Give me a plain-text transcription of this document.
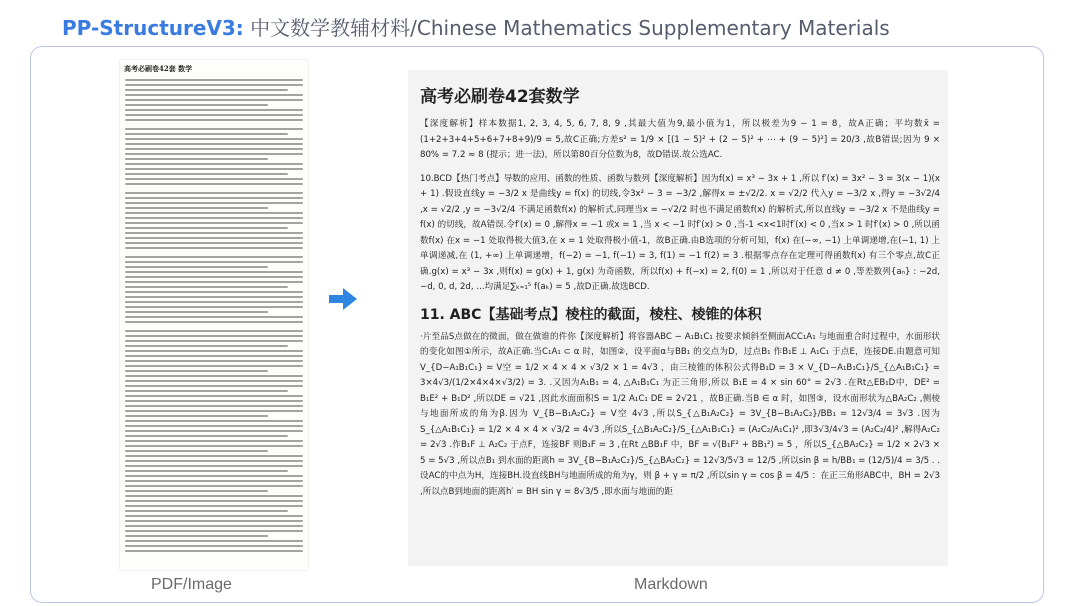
PP-StructureV3: 中文数学教辅材料/Chinese Mathematics Supplementary Materials
高考必刷卷42套 数学
高考必刷卷42套数学

【深度解析】样本数据1, 2, 3, 4, 5, 6, 7, 8, 9 ,其最大值为9,最小值为1，所以极差为9 − 1 = 8，故A正确；平均数x̄ = (1+2+3+4+5+6+7+8+9)/9 = 5,故C正确;方差s² = 1/9 × [(1 − 5)² + (2 − 5)² + ⋯ + (9 − 5)²] = 20/3 ,故B错误;因为 9 × 80% = 7.2 ≈ 8 (提示；进一法)，所以第80百分位数为8，故D错误.故公选AC.

10.BCD【热门考点】导数的应用、函数的性质、函数与数列【深度解析】因为f(x) = x³ − 3x + 1 ,所以 f′(x) = 3x² − 3 = 3(x − 1)(x + 1) .假设直线y = −3/2 x 是曲线y = f(x) 的切线,令3x² − 3 = −3/2 ,解得x = ±√2/2. x = √2/2 代入y = −3/2 x ,得y = −3√2/4 ,x = √2/2 ,y = −3√2/4 不满足函数f(x) 的解析式,同理当x = −√2/2 时也不满足函数f(x) 的解析式,所以直线y = −3/2 x 不是曲线y = f(x) 的切线，故A错误.令f′(x) = 0 ,解得x = −1 或x = 1 ,当 x < −1 时f′(x) > 0 ,当-1 <x<1时f′(x) < 0 ,当x > 1 时f′(x) > 0 ,所以函数f(x) 在x = −1 处取得极大值3,在 x = 1 处取得极小值-1，故B正确.由B选项的分析可知，f(x) 在(−∞, −1) 上单调递增,在(−1, 1) 上单调递减,在 (1, +∞) 上单调递增，f(−2) = −1, f(−1) = 3, f(1) = −1 f(2) = 3 .根据零点存在定理可得函数f(x) 有三个零点,故C正确.g(x) = x³ − 3x ,则f(x) = g(x) + 1, g(x) 为奇函数，所以f(x) + f(−x) = 2, f(0) = 1 ,所以对于任意 d ≠ 0 ,等差数列{aₙ} : −2d, −d, 0, d, 2d, ...均满足∑ₖ₌₁⁵ f(aₖ) = 5 ,故D正确.故选BCD.

11. ABC【基础考点】棱柱的截面，棱柱、棱锥的体积

·片至品S点做在的微面，做在做谁的件你【深度解析】将容器ABC − A₁B₁C₁ 按要求倾斜至侧面ACC₁A₁ 与地面重合时过程中，水面形状的变化如图①所示，故A正确.当C₁A₁ ⊂ α 时，如图②，设平面α与BB₁ 的交点为D，过点B₁ 作B₁E ⊥ A₁C₁ 于点E，连接DE.由题意可知V_{D−A₁B₁C₁} = V空 = 1/2 × 4 × 4 × √3/2 × 1 = 4√3 ，由三棱锥的体积公式得B₁D = 3 × V_{D−A₁B₁C₁}/S_{△A₁B₁C₁} = 3×4√3/(1/2×4×4×√3/2) = 3. .又因为A₁B₁ = 4, △A₁B₁C₁ 为正三角形,所以 B₁E = 4 × sin 60° = 2√3 .在Rt△EB₁D中，DE² = B₁E² + B₁D² ,所以DE = √21 ,因此水面面积S = 1/2 A₁C₁ DE = 2√21 ，故B正确.当B ∈ α 时，如图③，设水面形状为△BA₂C₂ ,侧棱与地面所成的角为β.因为 V_{B−B₁A₂C₂} = V空 4√3 ,所以S_{△B₁A₂C₂} = 3V_{B−B₁A₂C₂}/BB₁ = 12√3/4 = 3√3 .因为S_{△A₁B₁C₁} = 1/2 × 4 × 4 × √3/2 = 4√3 ,所以S_{△B₁A₂C₂}/S_{△A₁B₁C₁} = (A₂C₂/A₁C₁)² ,即3√3/4√3 = (A₂C₂/4)² ,解得A₂C₂ = 2√3 .作B₁F ⊥ A₂C₂ 于点F，连接BF 则B₁F = 3 ,在Rt △BB₁F 中，BF = √(B₁F² + BB₁²) = 5 ，所以S_{△BA₂C₂} = 1/2 × 2√3 × 5 = 5√3 ,所以点B₁ 到水面的距离h = 3V_{B−B₁A₂C₂}/S_{△BA₂C₂} = 12√3/5√3 = 12/5 ,所以sin β = h/BB₁ = (12/5)/4 = 3/5 . .设AC的中点为H，连接BH.设直线BH与地面所成的角为γ，则 β + γ = π/2 ,所以sin γ = cos β = 4/5 ：在正三角形ABC中，BH = 2√3 ,所以点B到地面的距离h′ = BH sin γ = 8√3/5 ,即水面与地面的距

PDF/Image	Markdown
